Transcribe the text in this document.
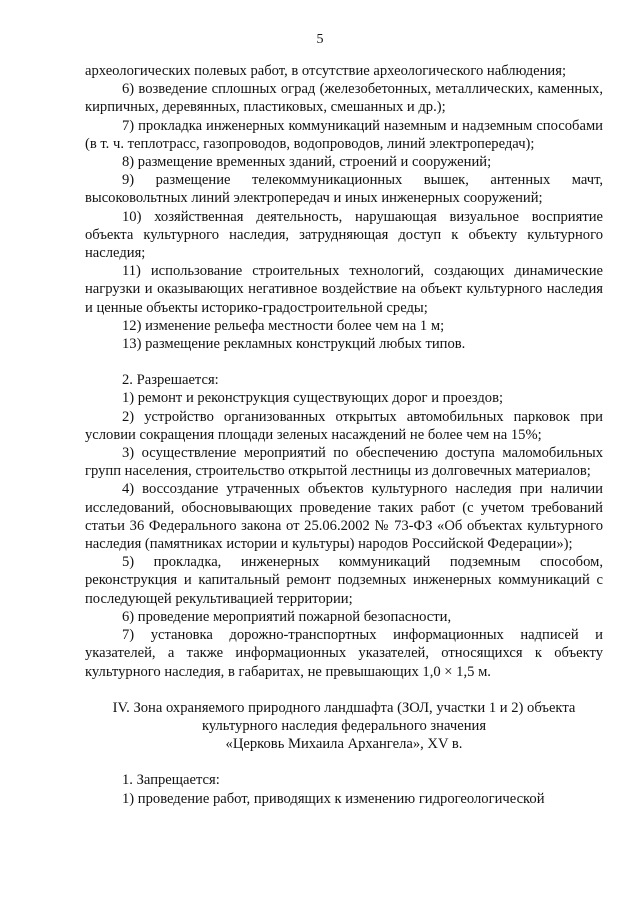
5

археологических полевых работ, в отсутствие археологического наблюдения;

6) возведение сплошных оград (железобетонных, металлических, каменных, кирпичных, деревянных, пластиковых, смешанных и др.);

7) прокладка инженерных коммуникаций наземным и надземным способами (в т. ч. теплотрасс, газопроводов, водопроводов, линий электропередач);

8) размещение временных зданий, строений и сооружений;

9) размещение телекоммуникационных вышек, антенных мачт, высоковольтных линий электропередач и иных инженерных сооружений;

10) хозяйственная деятельность, нарушающая визуальное восприятие объекта культурного наследия, затрудняющая доступ к объекту культурного наследия;

11) использование строительных технологий, создающих динамические нагрузки и оказывающих негативное воздействие на объект культурного наследия и ценные объекты историко-градостроительной среды;

12) изменение рельефа местности более чем на 1 м;

13) размещение рекламных конструкций любых типов.

2. Разрешается:

1) ремонт и реконструкция существующих дорог и проездов;

2) устройство организованных открытых автомобильных парковок при условии сокращения площади зеленых насаждений не более чем на 15%;

3) осуществление мероприятий по обеспечению доступа маломобильных групп населения, строительство открытой лестницы из долговечных материалов;

4) воссоздание утраченных объектов культурного наследия при наличии исследований, обосновывающих проведение таких работ (с учетом требований статьи 36 Федерального закона от 25.06.2002 № 73-ФЗ «Об объектах культурного наследия (памятниках истории и культуры) народов Российской Федерации»);

5) прокладка, инженерных коммуникаций подземным способом, реконструкция и капитальный ремонт подземных инженерных коммуникаций с последующей рекультивацией территории;

6) проведение мероприятий пожарной безопасности,

7) установка дорожно-транспортных информационных надписей и указателей, а также информационных указателей, относящихся к объекту культурного наследия, в габаритах, не превышающих 1,0 × 1,5 м.

IV. Зона охраняемого природного ландшафта (ЗОЛ, участки 1 и 2) объекта

культурного наследия федерального значения

«Церковь Михаила Архангела», XV в.

1. Запрещается:

1) проведение работ, приводящих к изменению гидрогеологической
